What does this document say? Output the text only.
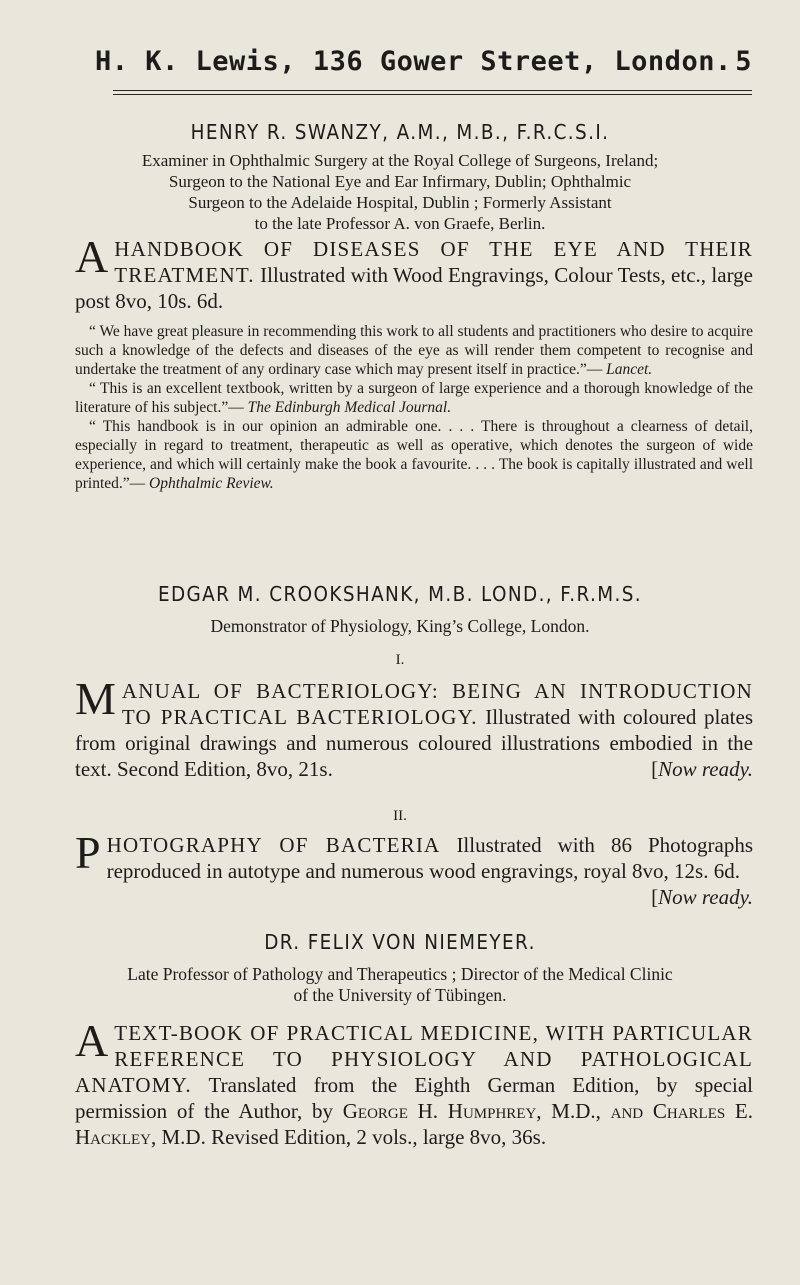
H. K. Lewis, 136 Gower Street, London. 5
HENRY R. SWANZY, A.M., M.B., F.R.C.S.I.
Examiner in Ophthalmic Surgery at the Royal College of Surgeons, Ireland;
Surgeon to the National Eye and Ear Infirmary, Dublin; Ophthalmic
Surgeon to the Adelaide Hospital, Dublin ; Formerly Assistant
to the late Professor A. von Graefe, Berlin.
A HANDBOOK OF DISEASES OF THE EYE AND THEIR TREATMENT. Illustrated with Wood Engravings, Colour Tests, etc., large post 8vo, 10s. 6d.

“ We have great pleasure in recommending this work to all students and practitioners who desire to acquire such a knowledge of the defects and diseases of the eye as will render them competent to recognise and undertake the treatment of any ordinary case which may present itself in practice.”— Lancet.

“ This is an excellent textbook, written by a surgeon of large experience and a thorough knowledge of the literature of his subject.”— The Edinburgh Medical Journal.

“ This handbook is in our opinion an admirable one. . . . There is throughout a clearness of detail, especially in regard to treatment, therapeutic as well as operative, which denotes the surgeon of wide experience, and which will certainly make the book a favourite. . . . The book is capitally illustrated and well printed.”— Ophthalmic Review.

EDGAR M. CROOKSHANK, M.B. LOND., F.R.M.S.
Demonstrator of Physiology, King’s College, London.
I.
M ANUAL OF BACTERIOLOGY: BEING AN INTRODUCTION TO PRACTICAL BACTERIOLOGY. Illustrated with coloured plates from original drawings and numerous coloured illustrations embodied in the text. Second Edition, 8vo, 21s.	[Now ready.
II.
P HOTOGRAPHY OF BACTERIA Illustrated with 86 Photographs reproduced in autotype and numerous wood engravings, royal 8vo, 12s. 6d.
[Now ready.
DR. FELIX VON NIEMEYER.
Late Professor of Pathology and Therapeutics ; Director of the Medical Clinic
of the University of Tübingen.
A TEXT-BOOK OF PRACTICAL MEDICINE, WITH PARTICULAR REFERENCE TO PHYSIOLOGY AND PATHOLOGICAL ANATOMY. Translated from the Eighth German Edition, by special permission of the Author, by George H. Humphrey, M.D., and Charles E. Hackley, M.D. Revised Edition, 2 vols., large 8vo, 36s.
